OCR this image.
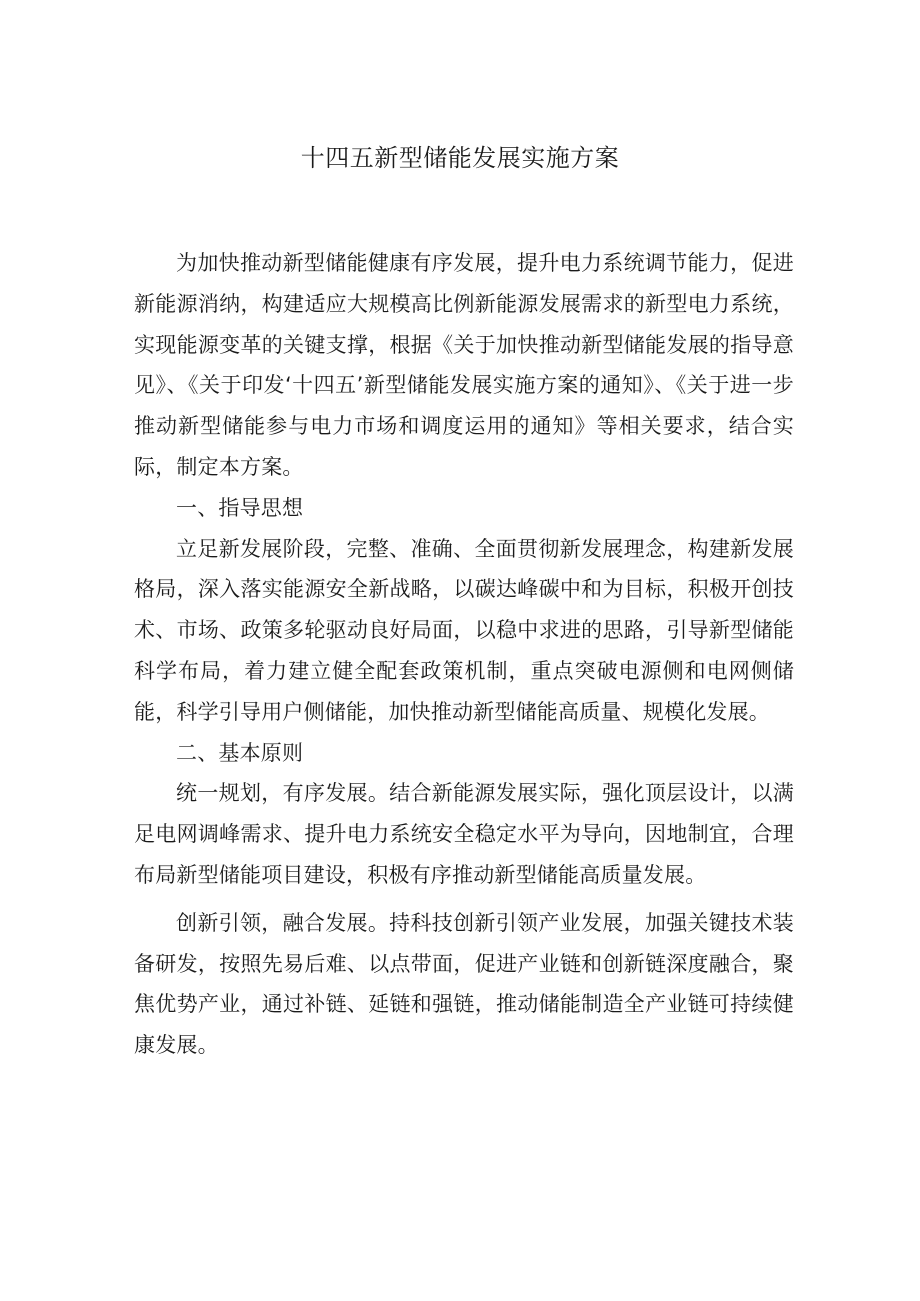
十四五新型储能发展实施方案

为加快推动新型储能健康有序发展，提升电力系统调节能力，促进新能源消纳，构建适应大规模高比例新能源发展需求的新型电力系统，实现能源变革的关键支撑，根据《关于加快推动新型储能发展的指导意见》、《关于印发‘十四五’新型储能发展实施方案的通知》、《关于进一步推动新型储能参与电力市场和调度运用的通知》等相关要求，结合实际，制定本方案。

一、指导思想

立足新发展阶段，完整、准确、全面贯彻新发展理念，构建新发展格局，深入落实能源安全新战略，以碳达峰碳中和为目标，积极开创技术、市场、政策多轮驱动良好局面，以稳中求进的思路，引导新型储能科学布局，着力建立健全配套政策机制，重点突破电源侧和电网侧储能，科学引导用户侧储能，加快推动新型储能高质量、规模化发展。

二、基本原则

统一规划，有序发展。结合新能源发展实际，强化顶层设计，以满足电网调峰需求、提升电力系统安全稳定水平为导向，因地制宜，合理布局新型储能项目建设，积极有序推动新型储能高质量发展。

创新引领，融合发展。持科技创新引领产业发展，加强关键技术装备研发，按照先易后难、以点带面，促进产业链和创新链深度融合，聚焦优势产业，通过补链、延链和强链，推动储能制造全产业链可持续健康发展。
